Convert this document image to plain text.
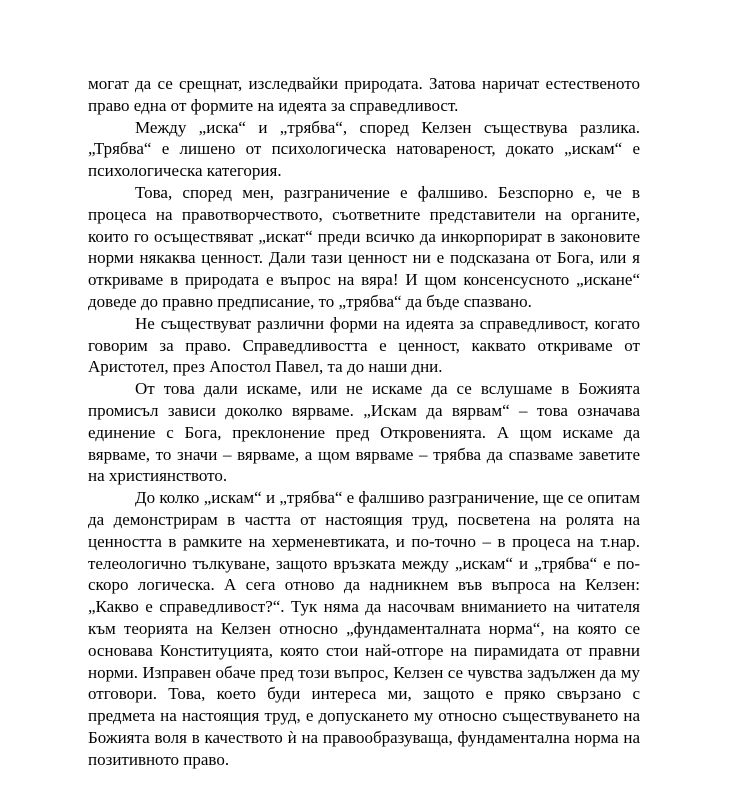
могат да се срещнат, изследвайки природата. Затова наричат естественото право една от формите на идеята за справедливост.

Между „иска“ и „трябва“, според Келзен съществува разлика. „Трябва“ е лишено от психологическа натовареност, докато „искам“ е психологическа категория.

Това, според мен, разграничение е фалшиво. Безспорно е, че в процеса на правотворчеството, съответните представители на органите, които го осъществяват „искат“ преди всичко да инкорпорират в законовите норми някаква ценност. Дали тази ценност ни е подсказана от Бога, или я откриваме в природата е въпрос на вяра! И щом консенсусното „искане“ доведе до правно предписание, то „трябва“ да бъде спазвано.

Не съществуват различни форми на идеята за справедливост, когато говорим за право. Справедливостта е ценност, каквато откриваме от Аристотел, през Апостол Павел, та до наши дни.

От това дали искаме, или не искаме да се вслушаме в Божията промисъл зависи доколко вярваме. „Искам да вярвам“ – това означава единение с Бога, преклонение пред Откровенията. А щом искаме да вярваме, то значи – вярваме, а щом вярваме – трябва да спазваме заветите на християнството.

До колко „искам“ и „трябва“ е фалшиво разграничение, ще се опитам да демонстрирам в частта от настоящия труд, посветена на ролята на ценността в рамките на херменевтиката, и по-точно – в процеса на т.нар. телеологично тълкуване, защото връзката между „искам“ и „трябва“ е по-скоро логическа. А сега отново да надникнем във въпроса на Келзен: „Какво е справедливост?“. Тук няма да насочвам вниманието на читателя към теорията на Келзен относно „фундаменталната норма“, на която се основава Конституцията, която стои най-отгоре на пирамидата от правни норми. Изправен обаче пред този въпрос, Келзен се чувства задължен да му отговори. Това, което буди интереса ми, защото е пряко свързано с предмета на настоящия труд, е допускането му относно съществуването на Божията воля в качеството ѝ на правообразуваща, фундаментална норма на позитивното право.
